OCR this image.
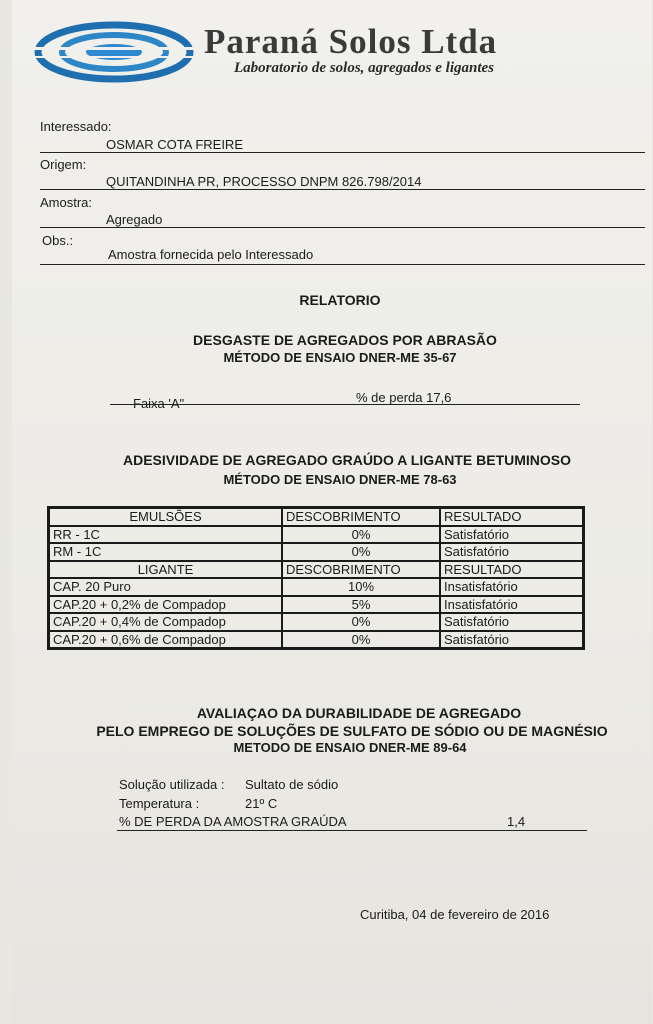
Paraná Solos Ltda
Laboratorio de solos, agregados e ligantes
Interessado:
OSMAR COTA FREIRE
Origem:
QUITANDINHA PR, PROCESSO DNPM 826.798/2014
Amostra:
Agregado
Obs.:
Amostra fornecida pelo Interessado
RELATORIO
DESGASTE DE AGREGADOS POR ABRASÃO
MÉTODO DE ENSAIO DNER-ME 35-67
Faixa 'A"	% de perda 17,6
ADESIVIDADE DE AGREGADO GRAÚDO A LIGANTE BETUMINOSO
MÉTODO DE ENSAIO DNER-ME 78-63
EMULSÕES	DESCOBRIMENTO	RESULTADO
RR - 1C	0%	Satisfatório
RM - 1C	0%	Satisfatório
LIGANTE	DESCOBRIMENTO	RESULTADO
CAP. 20 Puro	10%	Insatisfatório
CAP.20 + 0,2% de Compadop	5%	Insatisfatório
CAP.20 + 0,4% de Compadop	0%	Satisfatório
CAP.20 + 0,6% de Compadop	0%	Satisfatório
AVALIAÇAO DA DURABILIDADE DE AGREGADO
PELO EMPREGO DE SOLUÇÕES DE SULFATO DE SÓDIO OU DE MAGNÉSIO
METODO DE ENSAIO DNER-ME 89-64
Solução utilizada : Sultato de sódio
Temperatura :	21º C
% DE PERDA DA AMOSTRA GRAÚDA	1,4
Curitiba, 04 de fevereiro de 2016
